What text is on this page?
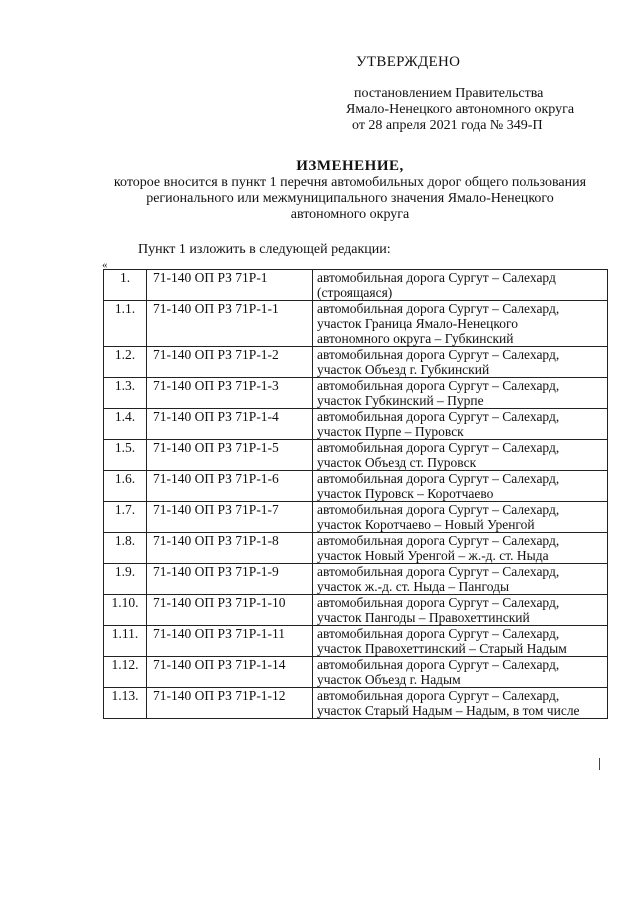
УТВЕРЖДЕНО
постановлением Правительства
Ямало-Ненецкого автономного округа
от 28 апреля 2021 года № 349-П
ИЗМЕНЕНИЕ,
которое вносится в пункт 1 перечня автомобильных дорог общего пользования
регионального или межмуниципального значения Ямало-Ненецкого
автономного округа
Пункт 1 изложить в следующей редакции:
«
1.	71-140 ОП РЗ 71Р-1	автомобильная дорога Сургут – Салехард
(строящаяся)

1.1.	71-140 ОП РЗ 71Р-1-1	автомобильная дорога Сургут – Салехард,
участок Граница Ямало-Ненецкого
автономного округа – Губкинский

1.2.	71-140 ОП РЗ 71Р-1-2	автомобильная дорога Сургут – Салехард,
участок Объезд г. Губкинский

1.3.	71-140 ОП РЗ 71Р-1-3	автомобильная дорога Сургут – Салехард,
участок Губкинский – Пурпе

1.4.	71-140 ОП РЗ 71Р-1-4	автомобильная дорога Сургут – Салехард,
участок Пурпе – Пуровск

1.5.	71-140 ОП РЗ 71Р-1-5	автомобильная дорога Сургут – Салехард,
участок Объезд ст. Пуровск

1.6.	71-140 ОП РЗ 71Р-1-6	автомобильная дорога Сургут – Салехард,
участок Пуровск – Коротчаево

1.7.	71-140 ОП РЗ 71Р-1-7	автомобильная дорога Сургут – Салехард,
участок Коротчаево – Новый Уренгой

1.8.	71-140 ОП РЗ 71Р-1-8	автомобильная дорога Сургут – Салехард,
участок Новый Уренгой – ж.-д. ст. Ныда

1.9.	71-140 ОП РЗ 71Р-1-9	автомобильная дорога Сургут – Салехард,
участок ж.-д. ст. Ныда – Пангоды

1.10.	71-140 ОП РЗ 71Р-1-10	автомобильная дорога Сургут – Салехард,
участок Пангоды – Правохеттинский

1.11.	71-140 ОП РЗ 71Р-1-11	автомобильная дорога Сургут – Салехард,
участок Правохеттинский – Старый Надым

1.12.	71-140 ОП РЗ 71Р-1-14	автомобильная дорога Сургут – Салехард,
участок Объезд г. Надым

1.13.	71-140 ОП РЗ 71Р-1-12	автомобильная дорога Сургут – Салехард,
участок Старый Надым – Надым, в том числе
